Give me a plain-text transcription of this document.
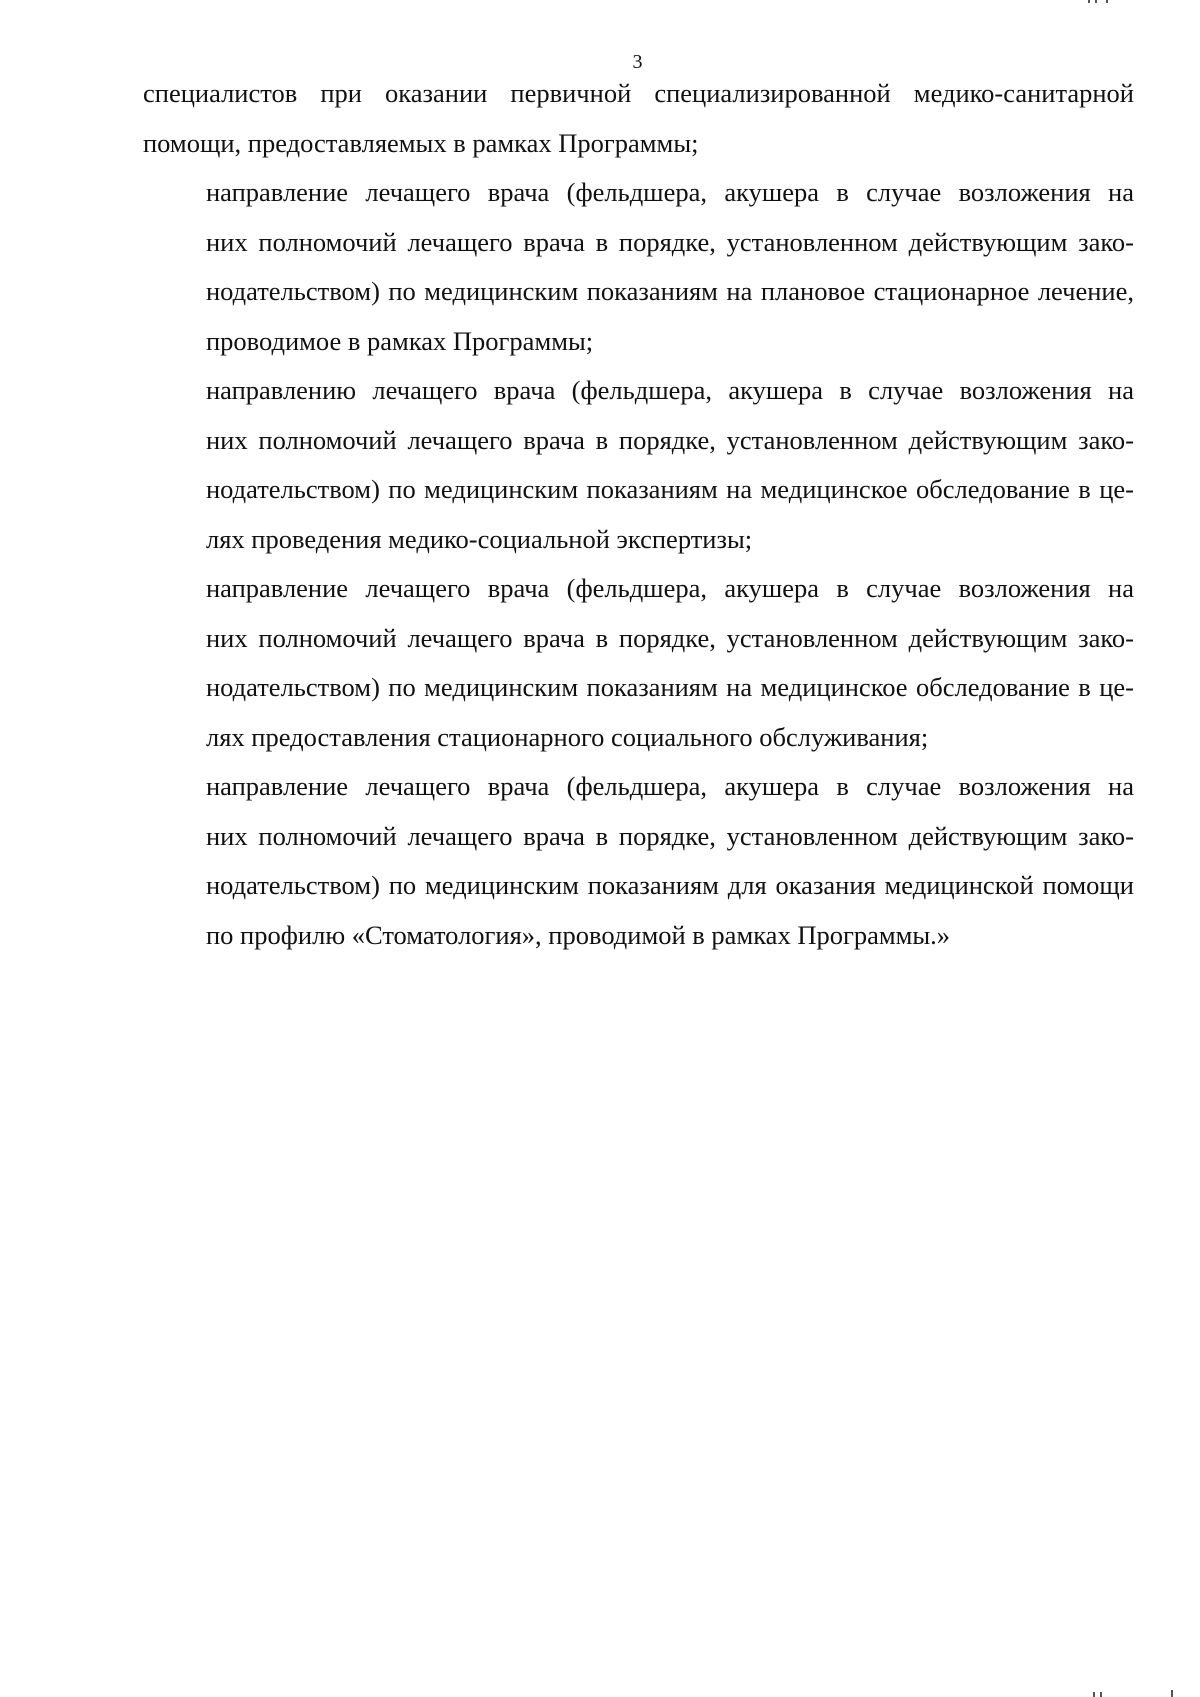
3

специалистов при оказании первичной специализированной медико-санитарной
помощи, предоставляемых в рамках Программы;

направление лечащего врача (фельдшера, акушера в случае возложения на
них полномочий лечащего врача в порядке, установленном действующим зако-
нодательством) по медицинским показаниям на плановое стационарное лечение,
проводимое в рамках Программы;

направлению лечащего врача (фельдшера, акушера в случае возложения на
них полномочий лечащего врача в порядке, установленном действующим зако-
нодательством) по медицинским показаниям на медицинское обследование в це-
лях проведения медико-социальной экспертизы;

направление лечащего врача (фельдшера, акушера в случае возложения на
них полномочий лечащего врача в порядке, установленном действующим зако-
нодательством) по медицинским показаниям на медицинское обследование в це-
лях предоставления стационарного социального обслуживания;

направление лечащего врача (фельдшера, акушера в случае возложения на
них полномочий лечащего врача в порядке, установленном действующим зако-
нодательством) по медицинским показаниям для оказания медицинской помощи
по профилю «Стоматология», проводимой в рамках Программы.»
